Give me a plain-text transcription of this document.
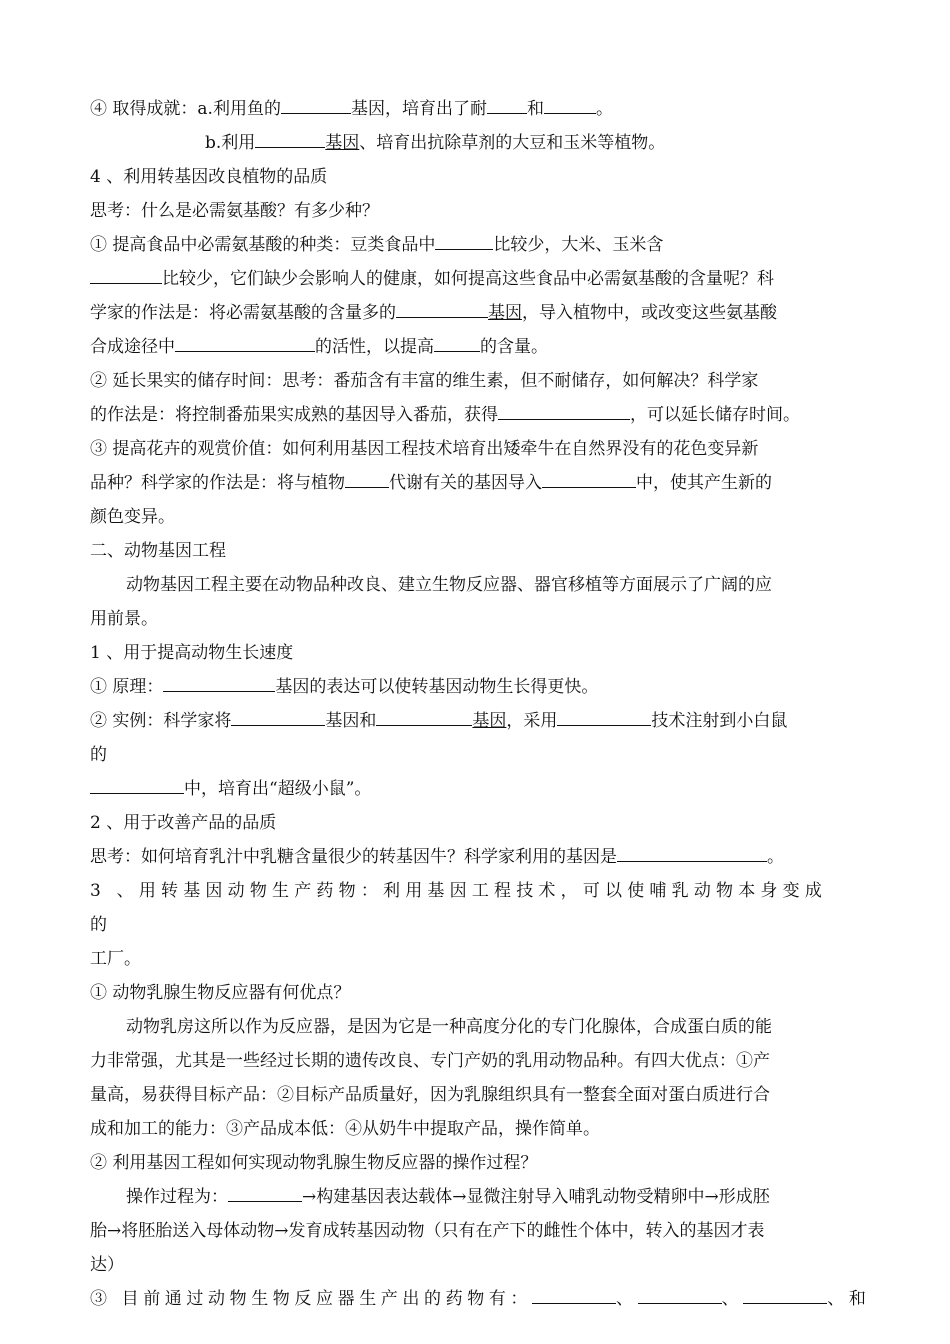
④ 取得成就：a.利用鱼的	基因，培育出了耐 和	。
b.利用	基因、培育出抗除草剂的大豆和玉米等植物。
4 、利用转基因改良植物的品质
思考：什么是必需氨基酸？有多少种？
① 提高食品中必需氨基酸的种类：豆类食品中	比较少，大米、玉米含
比较少，它们缺少会影响人的健康，如何提高这些食品中必需氨基酸的含量呢？科
学家的作法是：将必需氨基酸的含量多的	基因，导入植物中，或改变这些氨基酸
合成途径中	的活性，以提高	的含量。
② 延长果实的储存时间：思考：番茄含有丰富的维生素，但不耐储存，如何解决？科学家
的作法是：将控制番茄果实成熟的基因导入番茄，获得	，可以延长储存时间。
③ 提高花卉的观赏价值：如何利用基因工程技术培育出矮牵牛在自然界没有的花色变异新
品种？科学家的作法是：将与植物	代谢有关的基因导入	中，使其产生新的
颜色变异。
二、动物基因工程
动物基因工程主要在动物品种改良、建立生物反应器、器官移植等方面展示了广阔的应
用前景。
1 、用于提高动物生长速度
① 原理：	基因的表达可以使转基因动物生长得更快。
② 实例：科学家将	基因和	基因，采用	技术注射到小白鼠
的
中，培育出“超级小鼠”。
2 、用于改善产品的品质
思考：如何培育乳汁中乳糖含量很少的转基因牛？科学家利用的基因是	。
3 、用转基因动物生产药物：利用基因工程技术，可以使哺乳动物本身变成
的
工厂。
① 动物乳腺生物反应器有何优点？
动物乳房这所以作为反应器，是因为它是一种高度分化的专门化腺体，合成蛋白质的能
力非常强，尤其是一些经过长期的遗传改良、专门产奶的乳用动物品种。有四大优点：①产
量高，易获得目标产品：②目标产品质量好，因为乳腺组织具有一整套全面对蛋白质进行合
成和加工的能力：③产品成本低：④从奶牛中提取产品，操作简单。
② 利用基因工程如何实现动物乳腺生物反应器的操作过程？
操作过程为：	→构建基因表达载体→显微注射导入哺乳动物受精卵中→形成胚
胎→将胚胎送入母体动物→发育成转基因动物（只有在产下的雌性个体中，转入的基因才表
达）
③ 目前通过动物生物反应器生产出的药物有：	、	、	、和
